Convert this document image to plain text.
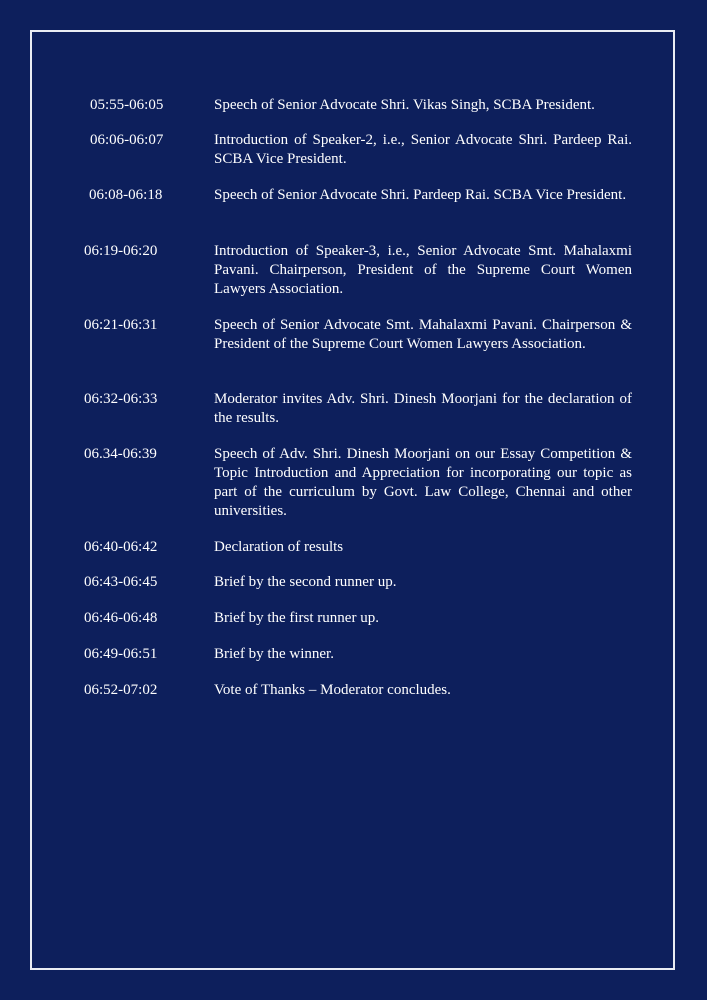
05:55-06:05	Speech of Senior Advocate Shri. Vikas Singh, SCBA President.
06:06-06:07	Introduction of Speaker-2, i.e., Senior Advocate Shri. Pardeep Rai. SCBA Vice President.
06:08-06:18	Speech of Senior Advocate Shri. Pardeep Rai. SCBA Vice President.
06:19-06:20	Introduction of Speaker-3, i.e., Senior Advocate Smt. Mahalaxmi Pavani. Chairperson, President of the Supreme Court Women Lawyers Association.
06:21-06:31	Speech of Senior Advocate Smt. Mahalaxmi Pavani. Chairperson & President of the Supreme Court Women Lawyers Association.
06:32-06:33	Moderator invites Adv. Shri. Dinesh Moorjani for the declaration of the results.
06.34-06:39	Speech of Adv. Shri. Dinesh Moorjani on our Essay Competition & Topic Introduction and Appreciation for incorporating our topic as part of the curriculum by Govt. Law College, Chennai and other universities.
06:40-06:42	Declaration of results
06:43-06:45	Brief by the second runner up.
06:46-06:48	Brief by the first runner up.
06:49-06:51	Brief by the winner.
06:52-07:02	Vote of Thanks – Moderator concludes.
